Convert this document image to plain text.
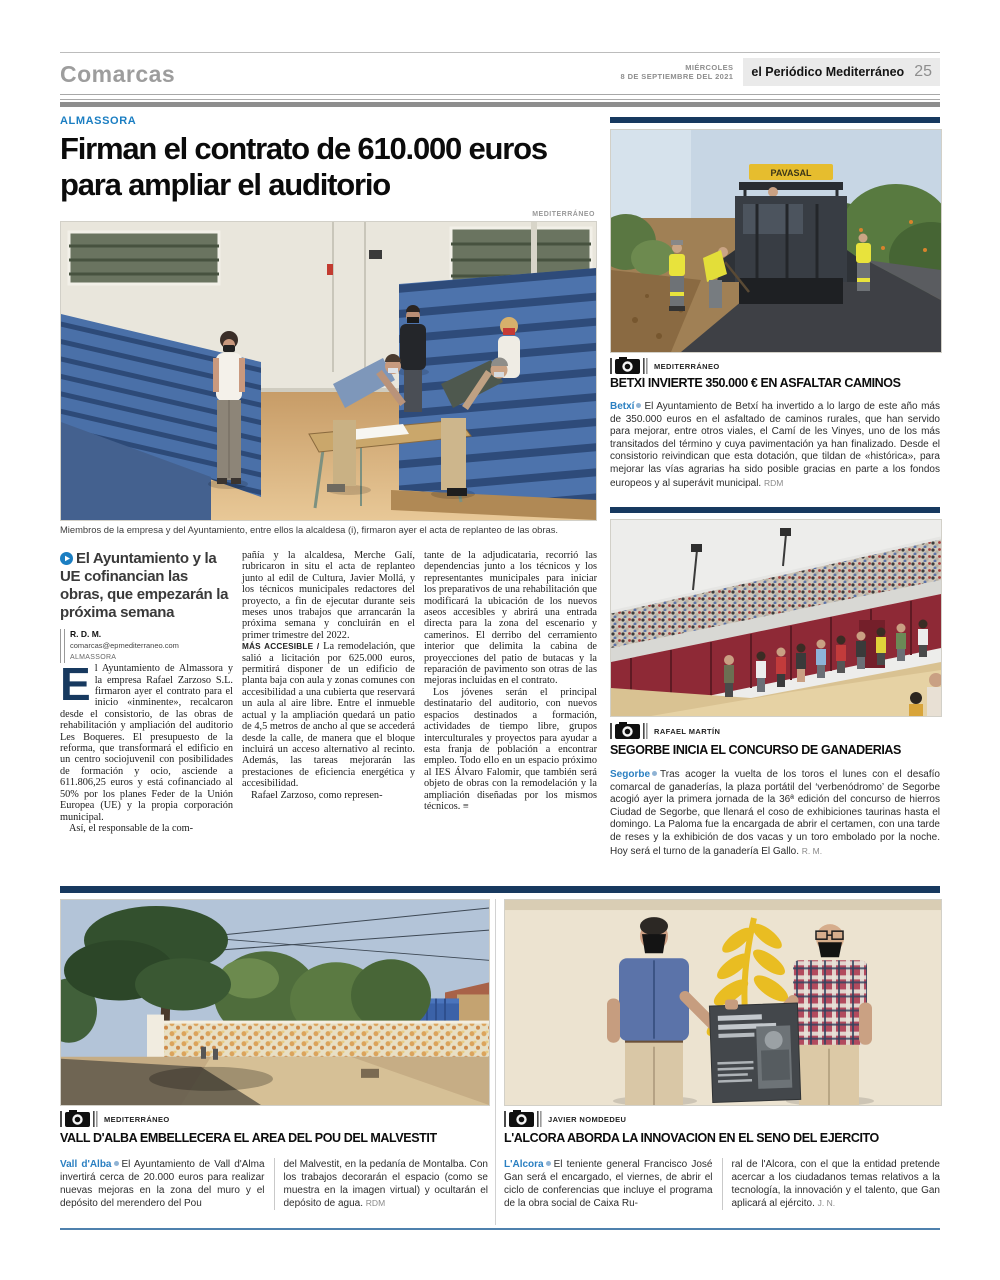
Comarcas	MIÉRCOLES
8 DE SEPTIEMBRE DEL 2021 el Periódico Mediterráneo 25
ALMASSORA
Firman el contrato de 610.000 euros para ampliar el auditorio
MEDITERRÁNEO
Miembros de la empresa y del Ayuntamiento, entre ellos la alcaldesa (i), firmaron ayer el acta de replanteo de las obras.
El Ayuntamiento y la UE cofinancian las obras, que empezarán la próxima semana
R. D. M.
comarcas@epmediterraneo.com
ALMASSORA

El Ayuntamiento de Almassora y la empresa Rafael Zarzoso S.L. firmaron ayer el contrato para el inicio «inminente», recalcaron desde el consistorio, de las obras de rehabilitación y ampliación del auditorio Les Boqueres. El presupuesto de la reforma, que transformará el edificio en un centro sociojuvenil con posibilidades de formación y ocio, asciende a 611.806,25 euros y está cofinanciado al 50% por los planes Feder de la Unión Europea (UE) y la propia corporación municipal.

Así, el responsable de la com-

pañía y la alcaldesa, Merche Galí, rubricaron in situ el acta de replanteo junto al edil de Cultura, Javier Mollá, y los técnicos municipales redactores del proyecto, a fin de ejecutar durante seis meses unos trabajos que arrancarán la próxima semana y concluirán en el primer trimestre del 2022.

MÁS ACCESIBLE / La remodelación, que salió a licitación por 625.000 euros, permitirá disponer de un edificio de planta baja con aula y zonas comunes con accesibilidad a una cubierta que reservará un aula al aire libre. Entre el inmueble actual y la ampliación quedará un patio de 4,5 metros de ancho al que se accederá desde la calle, de manera que el bloque incluirá un acceso alternativo al recinto. Además, las tareas mejorarán las prestaciones de eficiencia energética y accesibilidad.

Rafael Zarzoso, como represen-

tante de la adjudicataria, recorrió las dependencias junto a los técnicos y los representantes municipales para iniciar los preparativos de una rehabilitación que modificará la ubicación de los nuevos aseos accesibles y abrirá una entrada directa para la zona del escenario y camerinos. El derribo del cerramiento interior que delimita la cabina de proyecciones del patio de butacas y la reparación de pavimento son otras de las mejoras incluidas en el contrato.

Los jóvenes serán el principal destinatario del auditorio, con nuevos espacios destinados a formación, actividades de tiempo libre, grupos interculturales y proyectos para ayudar a esta franja de población a encontrar empleo. Todo ello en un espacio próximo al IES Álvaro Falomir, que también será objeto de obras con la remodelación y la ampliación diseñadas por los mismos técnicos. ≡

PAVASAL
MEDITERRÁNEO
BETXÍ INVIERTE 350.000 € EN ASFALTAR CAMINOS
Betxí El Ayuntamiento de Betxí ha invertido a lo largo de este año más de 350.000 euros en el asfaltado de caminos rurales, que han servido para mejorar, entre otros viales, el Camí de les Vinyes, uno de los más transitados del término y cuya pavimentación ya han finalizado. Desde el consistorio reivindican que esta dotación, que tildan de «histórica», para mejorar las vías agrarias ha sido posible gracias en parte a los fondos europeos y al superávit municipal. RDM
RAFAEL MARTÍN
SEGORBE INICIA EL CONCURSO DE GANADERÍAS
Segorbe Tras acoger la vuelta de los toros el lunes con el desafío comarcal de ganaderías, la plaza portátil del ‘verbenódromo’ de Segorbe acogió ayer la primera jornada de la 36ª edición del concurso de hierros Ciudad de Segorbe, que llenará el coso de exhibiciones taurinas hasta el domingo. La Paloma fue la encargada de abrir el certamen, con una tarde de reses y la exhibición de dos vacas y un toro embolado por la noche. Hoy será el turno de la ganadería El Gallo. R. M.
MEDITERRÁNEO
VALL D'ALBA EMBELLECERÁ EL ÁREA DEL POU DEL MALVESTIT
Vall d'Alba El Ayuntamiento de Vall d'Alma invertirá cerca de 20.000 euros para realizar nuevas mejoras en la zona del muro y el depósito del merendero del Pou
del Malvestit, en la pedanía de Montalba. Con los trabajos decorarán el espacio (como se muestra en la imagen virtual) y ocultarán el depósito de agua. RDM
JAVIER NOMDEDEU
L'ALCORA ABORDA LA INNOVACIÓN EN EL SENO DEL EJÉRCITO
L'Alcora El teniente general Francisco José Gan será el encargado, el viernes, de abrir el ciclo de conferencias que incluye el programa de la obra social de Caixa Ru-
ral de l'Alcora, con el que la entidad pretende acercar a los ciudadanos temas relativos a la tecnología, la innovación y el talento, que Gan aplicará al ejército. J. N.
